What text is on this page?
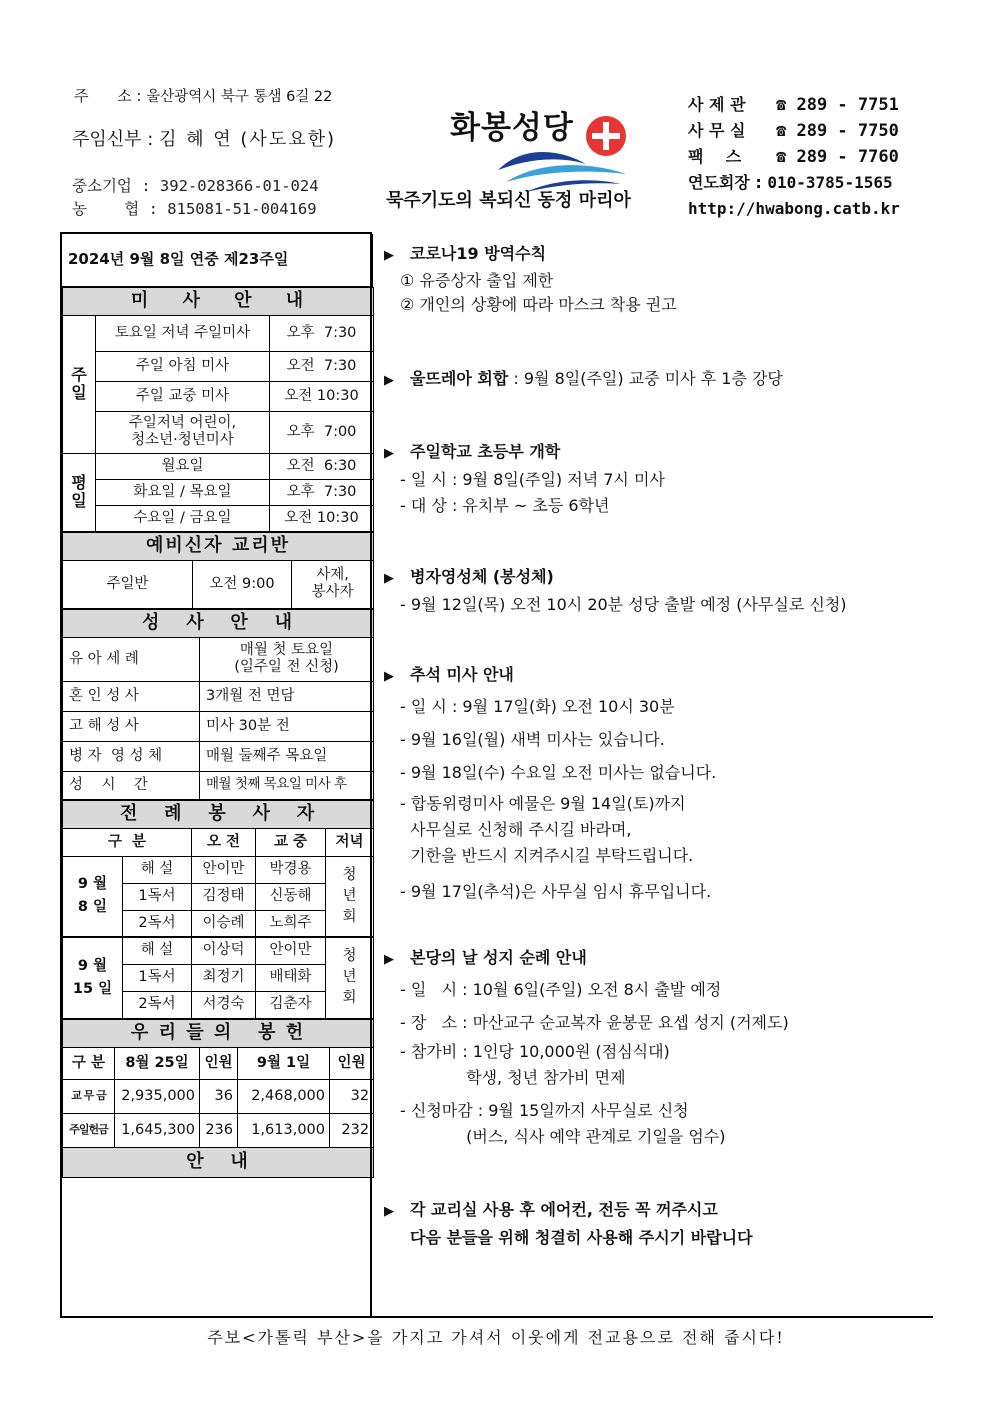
주      소 : 울산광역시 북구 통샘 6길 22
주임신부 : 김 혜 연 (사도요한)
중소기업 : 392-028366-01-024
농    협 : 815081-51-004169
화봉성당
묵주기도의 복되신 동정 마리아
사 제 관 ☎ 289 - 7751
사 무 실 ☎ 289 - 7750
팩    스 ☎ 289 - 7760
연도회장 : 010-3785-1565
http://hwabong.catb.kr
2024년 9월 8일 연중 제23주일
미 사 안 내		
주 일	토요일 저녁 주일미사	오후  7:30
	주일 아침 미사	오전  7:30
	주일 교중 미사	오전 10:30
	주일저녁 어린이,
청소년·청년미사	오후  7:00
평 일	월요일	오전  6:30
	화요일 / 목요일	오후  7:30
	수요일 / 금요일	오전 10:30
예비신자 교리반
주일반	오전 9:00	사제,
봉사자
성   사   안   내	
유 아 세 례	매월 첫 토요일
(일주일 전 신청)
혼 인 성 사	3개월 전 면담
고 해 성 사	미사 30분 전
병 자  영 성 체	매월 둘째주 목요일
성    시    간	매월 첫째 목요일 미사 후
전   례   봉   사   자				
구  분		오 전	교 중	저녁
9 월
8 일	해 설	안이만	박경용	청
년
회
	1독서	김정태	신동해	
	2독서	이승례	노희주	
9 월
15 일	해 설	이상덕	안이만	청
년
회
	1독서	최정기	배태화	
	2독서	서경숙	김춘자	
우 리 들 의   봉 헌				
구 분	8월 25일	인원	9월 1일	인원
교 무 금	2,935,000	36	2,468,000	32
주일헌금	1,645,300	236	1,613,000	232
안   내				
▶ 코로나19 방역수칙
① 유증상자 출입 제한
② 개인의 상황에 따라 마스크 착용 권고
▶ 울뜨레아 회합 : 9월 8일(주일) 교중 미사 후 1층 강당
▶ 주일학교 초등부 개학
- 일 시 : 9월 8일(주일) 저녁 7시 미사
- 대 상 : 유치부 ~ 초등 6학년
▶ 병자영성체 (봉성체)
- 9월 12일(목) 오전 10시 20분 성당 출발 예정 (사무실로 신청)
▶ 추석 미사 안내
- 일 시 : 9월 17일(화) 오전 10시 30분
- 9월 16일(월) 새벽 미사는 있습니다.
- 9월 18일(수) 수요일 오전 미사는 없습니다.
- 합동위령미사 예물은 9월 14일(토)까지
사무실로 신청해 주시길 바라며,
기한을 반드시 지켜주시길 부탁드립니다.
- 9월 17일(추석)은 사무실 임시 휴무입니다.
▶ 본당의 날 성지 순례 안내
- 일   시 : 10월 6일(주일) 오전 8시 출발 예정
- 장   소 : 마산교구 순교복자 윤봉문 요셉 성지 (거제도)
- 참가비 : 1인당 10,000원 (점심식대)
학생, 청년 참가비 면제
- 신청마감 : 9월 15일까지 사무실로 신청
(버스, 식사 예약 관계로 기일을 엄수)
▶ 각 교리실 사용 후 에어컨, 전등 꼭 꺼주시고
다음 분들을 위해 청결히 사용해 주시기 바랍니다
주보<가톨릭 부산>을 가지고 가셔서 이웃에게 전교용으로 전해 줍시다!
